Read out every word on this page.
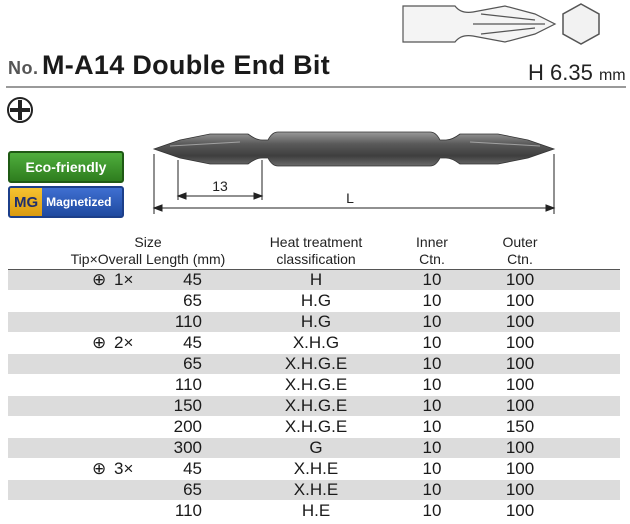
No. M-A14 Double End Bit	H 6.35 mm
Eco-friendly
MG Magnetized
13
L
Size
Tip×Overall Length (mm)
Heat treatment
classification
Inner
Ctn.
Outer
Ctn.
⊕ 1×	45	H	10	100
65	H.G	10	100
110	H.G	10	100
⊕ 2×	45	X.H.G	10	100
65	X.H.G.E	10	100
110	X.H.G.E	10	100
150	X.H.G.E	10	100
200	X.H.G.E	10	150
300	G	10	100
⊕ 3×	45	X.H.E	10	100
65	X.H.E	10	100
110	H.E	10	100
